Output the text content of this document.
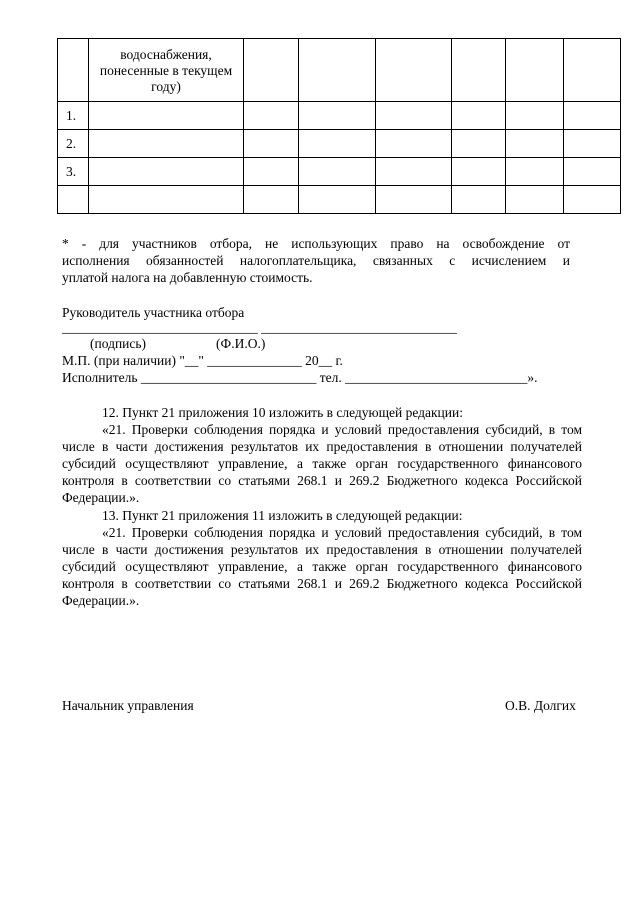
	водоснабжения,
понесенные в текущем
году)						

1.							
2.							
3.							

* - для участников отбора, не использующих право на освобождение от
исполнения обязанностей налогоплательщика, связанных с исчислением и
уплатой налога на добавленную стоимость.
Руководитель участника отбора
_____________________________ _____________________________
(подпись)	(Ф.И.О.)
М.П. (при наличии) "__" ______________ 20__ г.
Исполнитель __________________________ тел. ___________________________».
12. Пункт 21 приложения 10 изложить в следующей редакции:
«21. Проверки соблюдения порядка и условий предоставления субсидий, в том
числе в части достижения результатов их предоставления в отношении получателей
субсидий осуществляют управление, а также орган государственного финансового
контроля в соответствии со статьями 268.1 и 269.2 Бюджетного кодекса Российской
Федерации.».
13. Пункт 21 приложения 11 изложить в следующей редакции:
«21. Проверки соблюдения порядка и условий предоставления субсидий, в том
числе в части достижения результатов их предоставления в отношении получателей
субсидий осуществляют управление, а также орган государственного финансового
контроля в соответствии со статьями 268.1 и 269.2 Бюджетного кодекса Российской
Федерации.».
Начальник управления	О.В. Долгих
